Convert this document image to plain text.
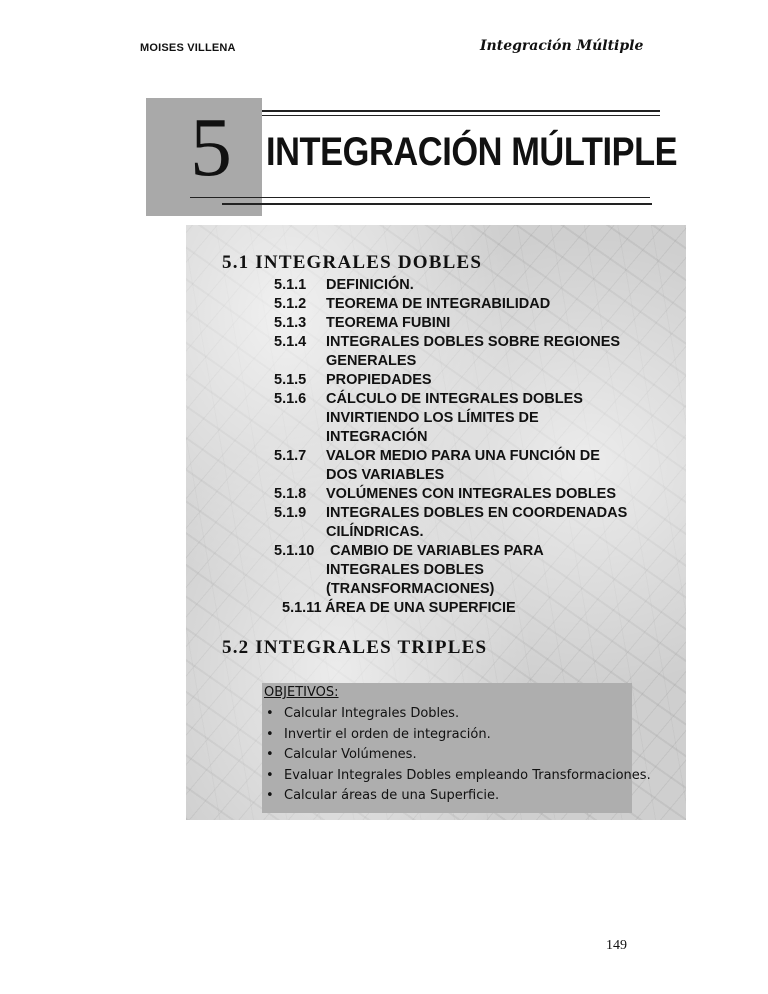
MOISES VILLENA	Integración Múltiple
5 INTEGRACIÓN MÚLTIPLE
5.1 INTEGRALES DOBLES
5.1.1 DEFINICIÓN.
5.1.2 TEOREMA DE INTEGRABILIDAD
5.1.3 TEOREMA FUBINI
5.1.4 INTEGRALES DOBLES SOBRE REGIONES
GENERALES
5.1.5 PROPIEDADES
5.1.6 CÁLCULO DE INTEGRALES DOBLES
INVIRTIENDO LOS LÍMITES DE
INTEGRACIÓN
5.1.7 VALOR MEDIO PARA UNA FUNCIÓN DE
DOS VARIABLES
5.1.8 VOLÚMENES CON INTEGRALES DOBLES
5.1.9 INTEGRALES DOBLES EN COORDENADAS
CILÍNDRICAS.
5.1.10 CAMBIO DE VARIABLES PARA
INTEGRALES DOBLES
(TRANSFORMACIONES)
5.1.11 ÁREA DE UNA SUPERFICIE
5.2 INTEGRALES TRIPLES
OBJETIVOS:
• Calcular Integrales Dobles.
• Invertir el orden de integración.
• Calcular Volúmenes.
• Evaluar Integrales Dobles empleando Transformaciones.
• Calcular áreas de una Superficie.
149
